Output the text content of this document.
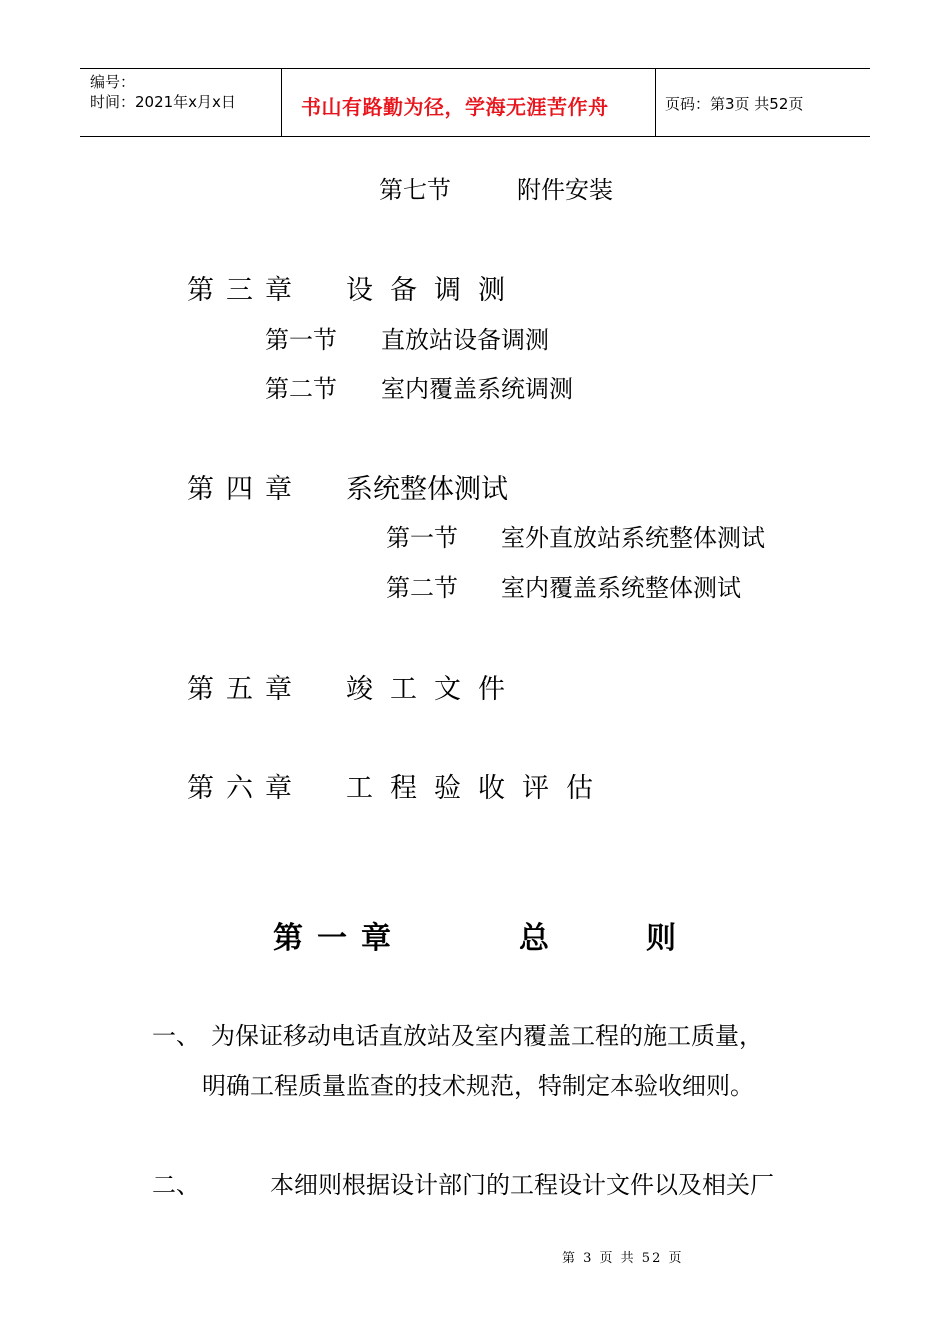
编号：
时间：2021年x月x日	书山有路勤为径，学海无涯苦作舟	页码：第3页 共52页
第七节	附件安装
第三章 设备调测
第一节 直放站设备调测
第二节 室内覆盖系统调测
第四章 系统整体测试
第一节 室外直放站系统整体测试
第二节 室内覆盖系统整体测试
第五章 竣工文件
第六章 工程验收评估
第一章	总	则
一、 为保证移动电话直放站及室内覆盖工程的施工质量，
明确工程质量监查的技术规范，特制定本验收细则。
二、	本细则根据设计部门的工程设计文件以及相关厂
第 3 页 共 52 页
